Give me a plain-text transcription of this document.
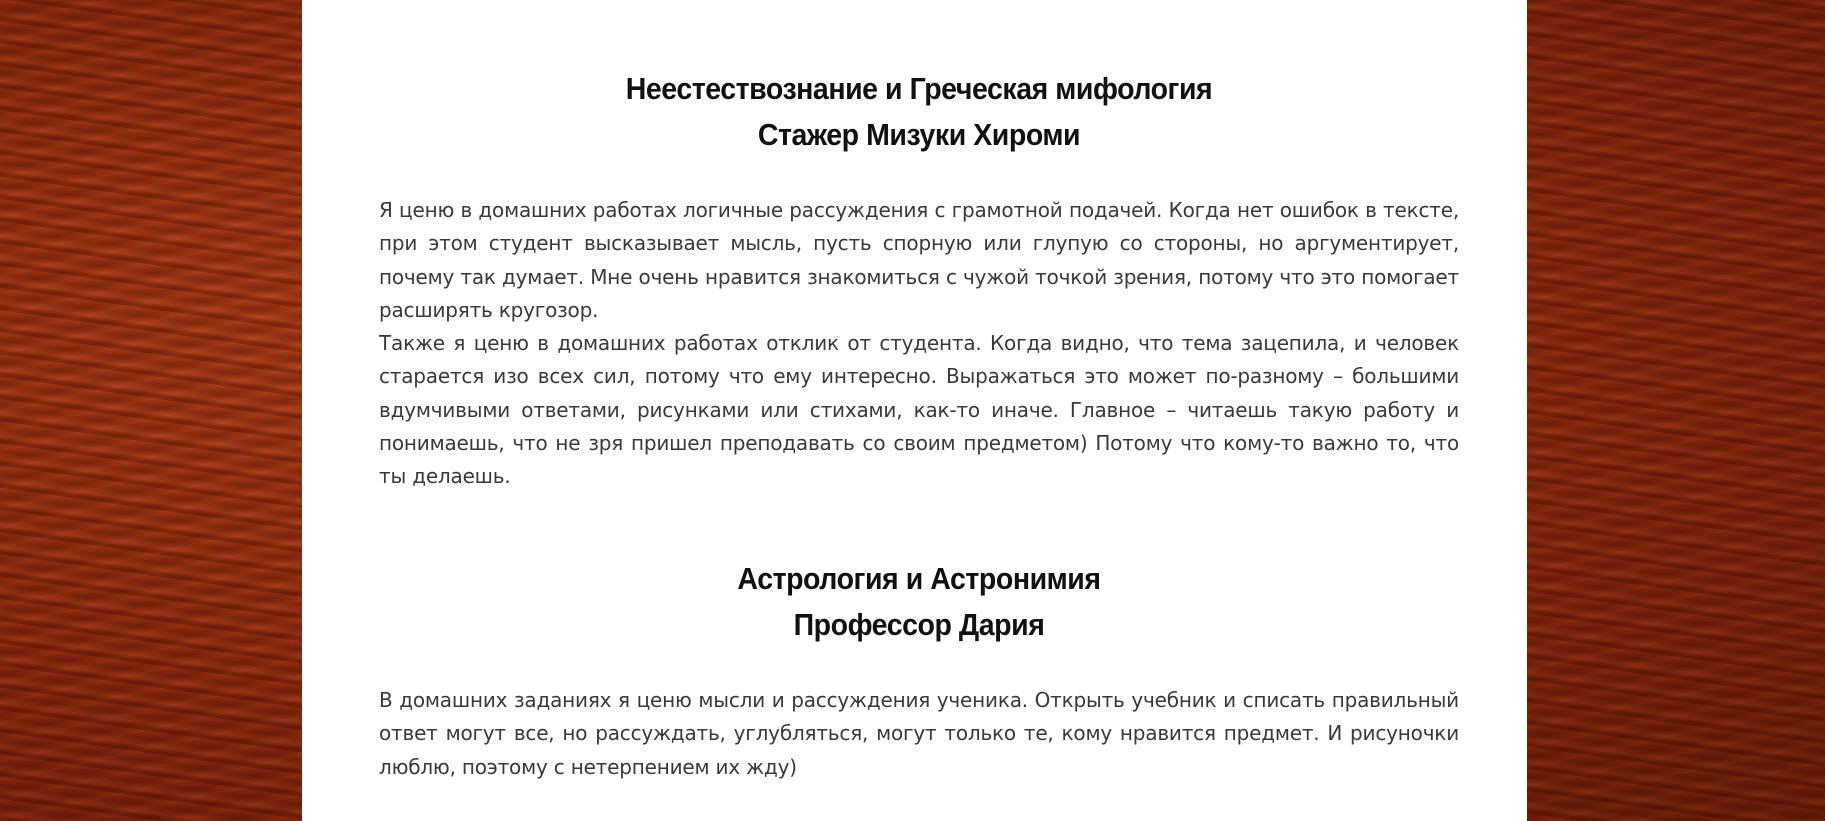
Неестествознание и Греческая мифология
Стажер Мизуки Хироми

Я ценю в домашних работах логичные рассуждения с грамотной подачей. Когда нет ошибок в тексте, при этом студент высказывает мысль, пусть спорную или глупую со стороны, но аргументирует, почему так думает. Мне очень нравится знакомиться с чужой точкой зрения, потому что это помогает расширять кругозор.

Также я ценю в домашних работах отклик от студента. Когда видно, что тема зацепила, и человек старается изо всех сил, потому что ему интересно. Выражаться это может по-разному – большими вдумчивыми ответами, рисунками или стихами, как-то иначе. Главное – читаешь такую работу и понимаешь, что не зря пришел преподавать со своим предметом) Потому что кому-то важно то, что ты делаешь.

Астрология и Астронимия
Профессор Дария

В домашних заданиях я ценю мысли и рассуждения ученика. Открыть учебник и списать правильный ответ могут все, но рассуждать, углубляться, могут только те, кому нравится предмет. И рисуночки люблю, поэтому с нетерпением их жду)
